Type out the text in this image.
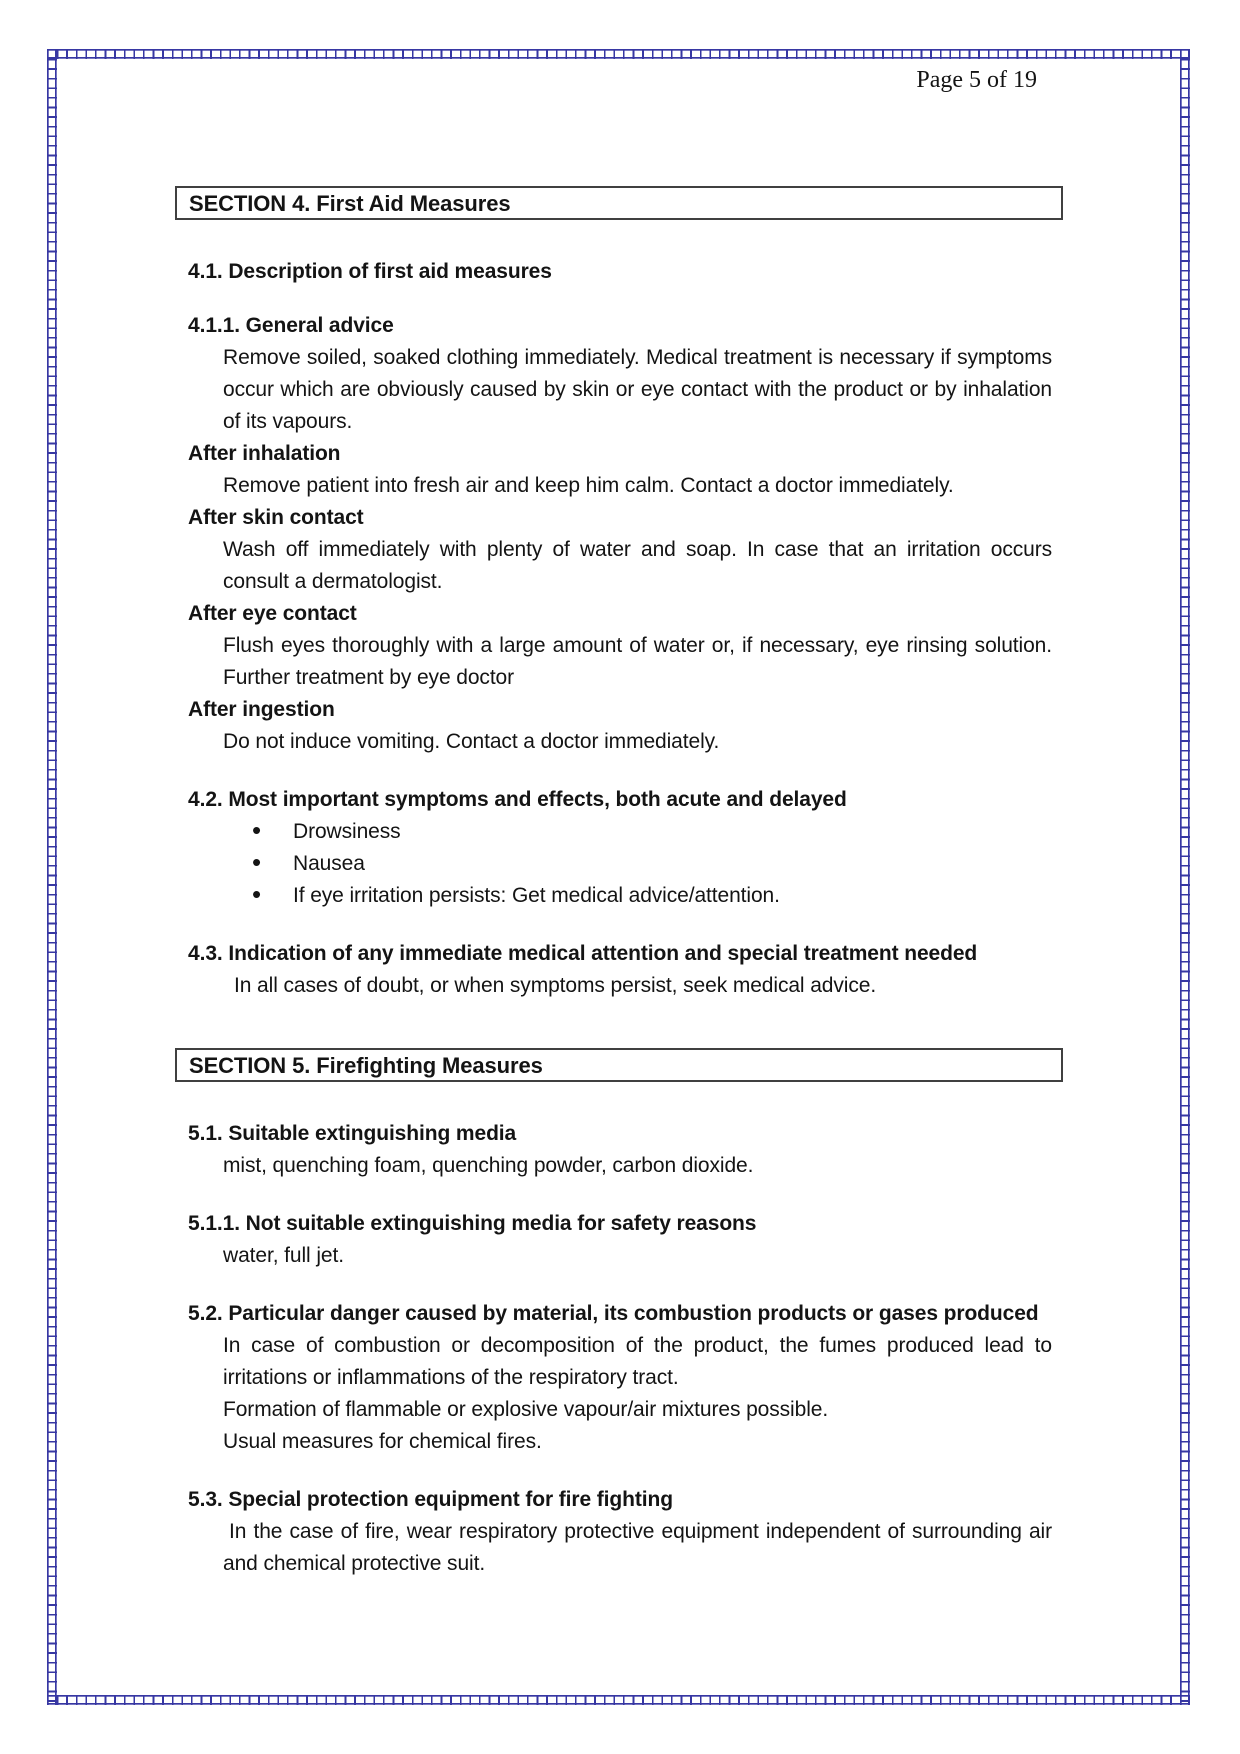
Page 5 of 19
SECTION 4. First Aid Measures
4.1. Description of first aid measures
4.1.1. General advice

Remove soiled, soaked clothing immediately. Medical treatment is necessary if symptoms occur which are obviously caused by skin or eye contact with the product or by inhalation of its vapours.

After inhalation

Remove patient into fresh air and keep him calm. Contact a doctor immediately.

After skin contact

Wash off immediately with plenty of water and soap. In case that an irritation occurs consult a dermatologist.

After eye contact

Flush eyes thoroughly with a large amount of water or, if necessary, eye rinsing solution. Further treatment by eye doctor

After ingestion

Do not induce vomiting. Contact a doctor immediately.

4.2. Most important symptoms and effects, both acute and delayed
• Drowsiness
• Nausea
• If eye irritation persists: Get medical advice/attention.
4.3. Indication of any immediate medical attention and special treatment needed

In all cases of doubt, or when symptoms persist, seek medical advice.

SECTION 5. Firefighting Measures
5.1. Suitable extinguishing media

mist, quenching foam, quenching powder, carbon dioxide.

5.1.1. Not suitable extinguishing media for safety reasons

water, full jet.

5.2. Particular danger caused by material, its combustion products or gases produced

In case of combustion or decomposition of the product, the fumes produced lead to irritations or inflammations of the respiratory tract.

Formation of flammable or explosive vapour/air mixtures possible.

Usual measures for chemical fires.

5.3. Special protection equipment for fire fighting

In the case of fire, wear respiratory protective equipment independent of surrounding air and chemical protective suit.
